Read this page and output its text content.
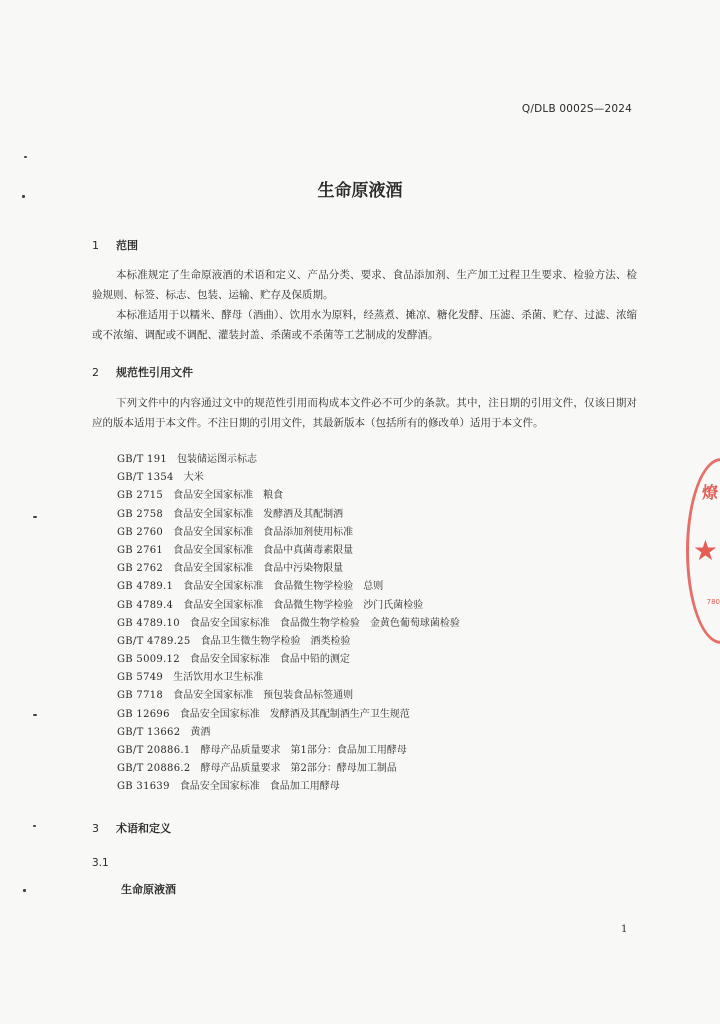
Q/DLB 0002S—2024
生命原液酒
1 范围
本标准规定了生命原液酒的术语和定义、产品分类、要求、食品添加剂、生产加工过程卫生要求、检验方法、检验规则、标签、标志、包装、运输、贮存及保质期。
本标准适用于以糯米、酵母（酒曲）、饮用水为原料，经蒸煮、摊凉、糖化发酵、压滤、杀菌、贮存、过滤、浓缩或不浓缩、调配或不调配、灌装封盖、杀菌或不杀菌等工艺制成的发酵酒。
2 规范性引用文件
下列文件中的内容通过文中的规范性引用而构成本文件必不可少的条款。其中，注日期的引用文件，仅该日期对应的版本适用于本文件。不注日期的引用文件，其最新版本（包括所有的修改单）适用于本文件。
GB/T 191 包装储运图示标志
GB/T 1354 大米
GB 2715 食品安全国家标准　粮食
GB 2758 食品安全国家标准　发酵酒及其配制酒
GB 2760 食品安全国家标准　食品添加剂使用标准
GB 2761 食品安全国家标准　食品中真菌毒素限量
GB 2762 食品安全国家标准　食品中污染物限量
GB 4789.1 食品安全国家标准　食品微生物学检验　总则
GB 4789.4 食品安全国家标准　食品微生物学检验　沙门氏菌检验
GB 4789.10 食品安全国家标准　食品微生物学检验　金黄色葡萄球菌检验
GB/T 4789.25 食品卫生微生物学检验　酒类检验
GB 5009.12 食品安全国家标准　食品中铅的测定
GB 5749 生活饮用水卫生标准
GB 7718 食品安全国家标准　预包装食品标签通则
GB 12696 食品安全国家标准　发酵酒及其配制酒生产卫生规范
GB/T 13662 黄酒
GB/T 20886.1 酵母产品质量要求　第1部分：食品加工用酵母
GB/T 20886.2 酵母产品质量要求　第2部分：酵母加工制品
GB 31639 食品安全国家标准　食品加工用酵母
3 术语和定义
3.1
生命原液酒
1
燎
★
780
